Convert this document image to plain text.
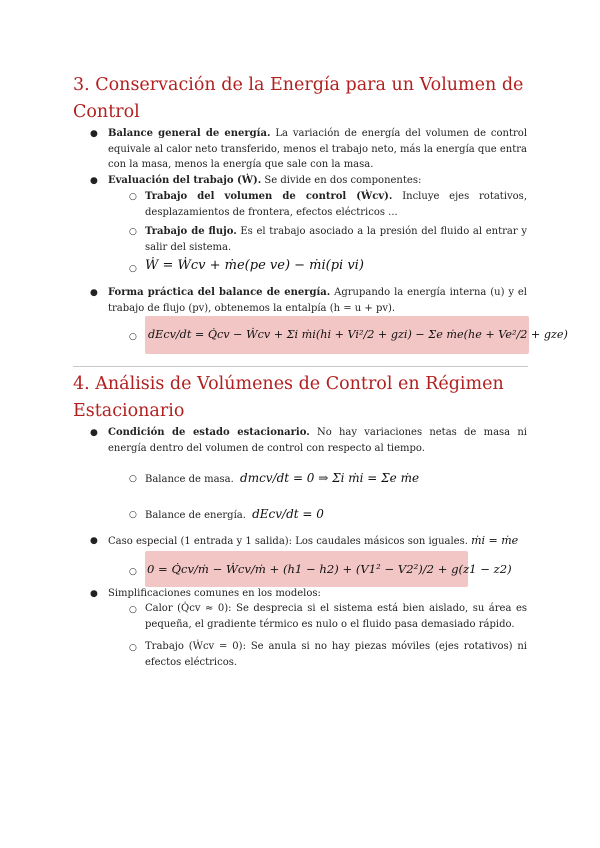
3. Conservación de la Energía para un Volumen de Control
● Balance general de energía. La variación de energía del volumen de control equivale al calor neto transferido, menos el trabajo neto, más la energía que entra con la masa, menos la energía que sale con la masa.
● Evaluación del trabajo (Ẇ). Se divide en dos componentes:
○ Trabajo del volumen de control (Ẇcv). Incluye ejes rotativos, desplazamientos de frontera, efectos eléctricos ...
○ Trabajo de flujo. Es el trabajo asociado a la presión del fluido al entrar y salir del sistema.
○ Ẇ = Ẇcv + ṁe(pe ve) − ṁi(pi vi)
● Forma práctica del balance de energía. Agrupando la energía interna (u) y el trabajo de flujo (pv), obtenemos la entalpía (h = u + pv).
○ dEcv/dt = Q̇cv − Ẇcv + Σi ṁi(hi + Vi²/2 + gzi) − Σe ṁe(he + Ve²/2 + gze)
4. Análisis de Volúmenes de Control en Régimen Estacionario
● Condición de estado estacionario. No hay variaciones netas de masa ni energía dentro del volumen de control con respecto al tiempo.
○ Balance de masa. dmcv/dt = 0 ⇒ Σi ṁi = Σe ṁe
○ Balance de energía. dEcv/dt = 0
● Caso especial (1 entrada y 1 salida): Los caudales másicos son iguales. ṁi = ṁe
○ 0 = Q̇cv/ṁ − Ẇcv/ṁ + (h1 − h2) + (V1² − V2²)/2 + g(z1 − z2)
● Simplificaciones comunes en los modelos:
○ Calor (Q̇cv ≈ 0): Se desprecia si el sistema está bien aislado, su área es pequeña, el gradiente térmico es nulo o el fluido pasa demasiado rápido.
○ Trabajo (Ẇcv = 0): Se anula si no hay piezas móviles (ejes rotativos) ni efectos eléctricos.
